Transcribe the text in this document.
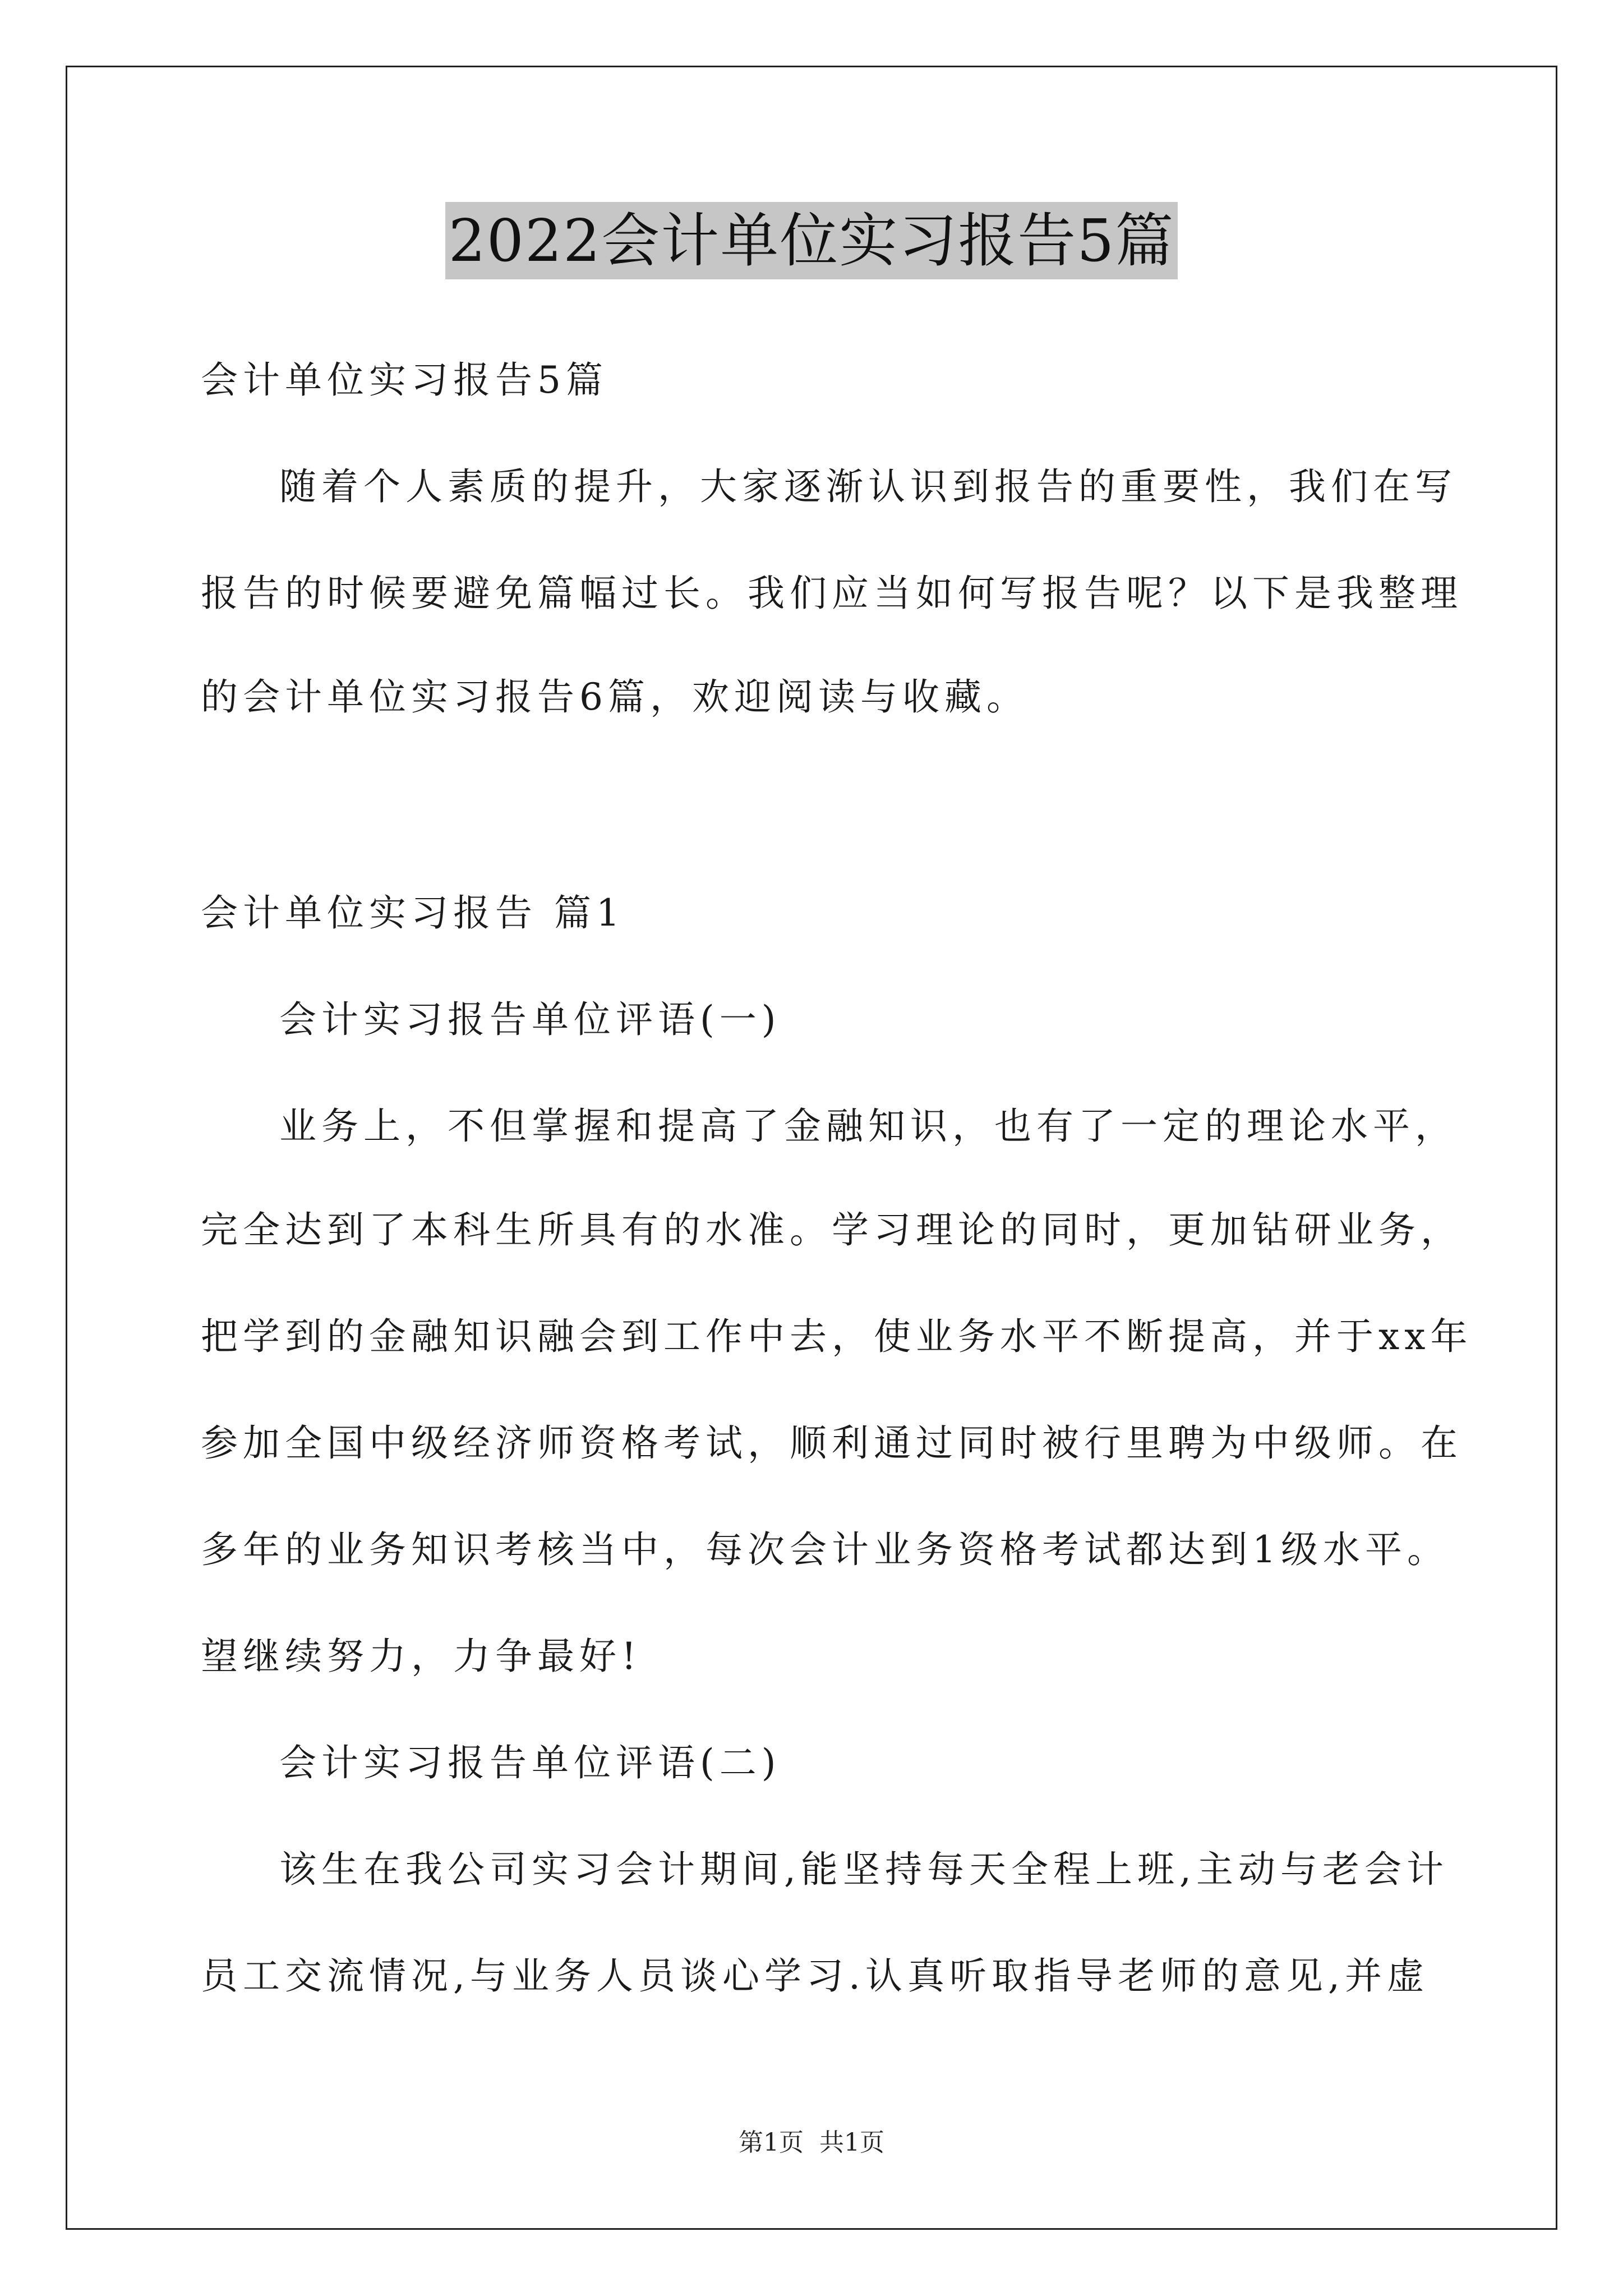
2022会计单位实习报告5篇
会计单位实习报告5篇
随着个人素质的提升，大家逐渐认识到报告的重要性，我们在写
报告的时候要避免篇幅过长。我们应当如何写报告呢？以下是我整理
的会计单位实习报告6篇，欢迎阅读与收藏。
会计单位实习报告 篇1
会计实习报告单位评语(一)
业务上，不但掌握和提高了金融知识，也有了一定的理论水平，
完全达到了本科生所具有的水准。学习理论的同时，更加钻研业务，
把学到的金融知识融会到工作中去，使业务水平不断提高，并于xx年
参加全国中级经济师资格考试，顺利通过同时被行里聘为中级师。在
多年的业务知识考核当中，每次会计业务资格考试都达到1级水平。
望继续努力，力争最好!
会计实习报告单位评语(二)
该生在我公司实习会计期间,能坚持每天全程上班,主动与老会计
员工交流情况,与业务人员谈心学习.认真听取指导老师的意见,并虚
第1页 共1页
